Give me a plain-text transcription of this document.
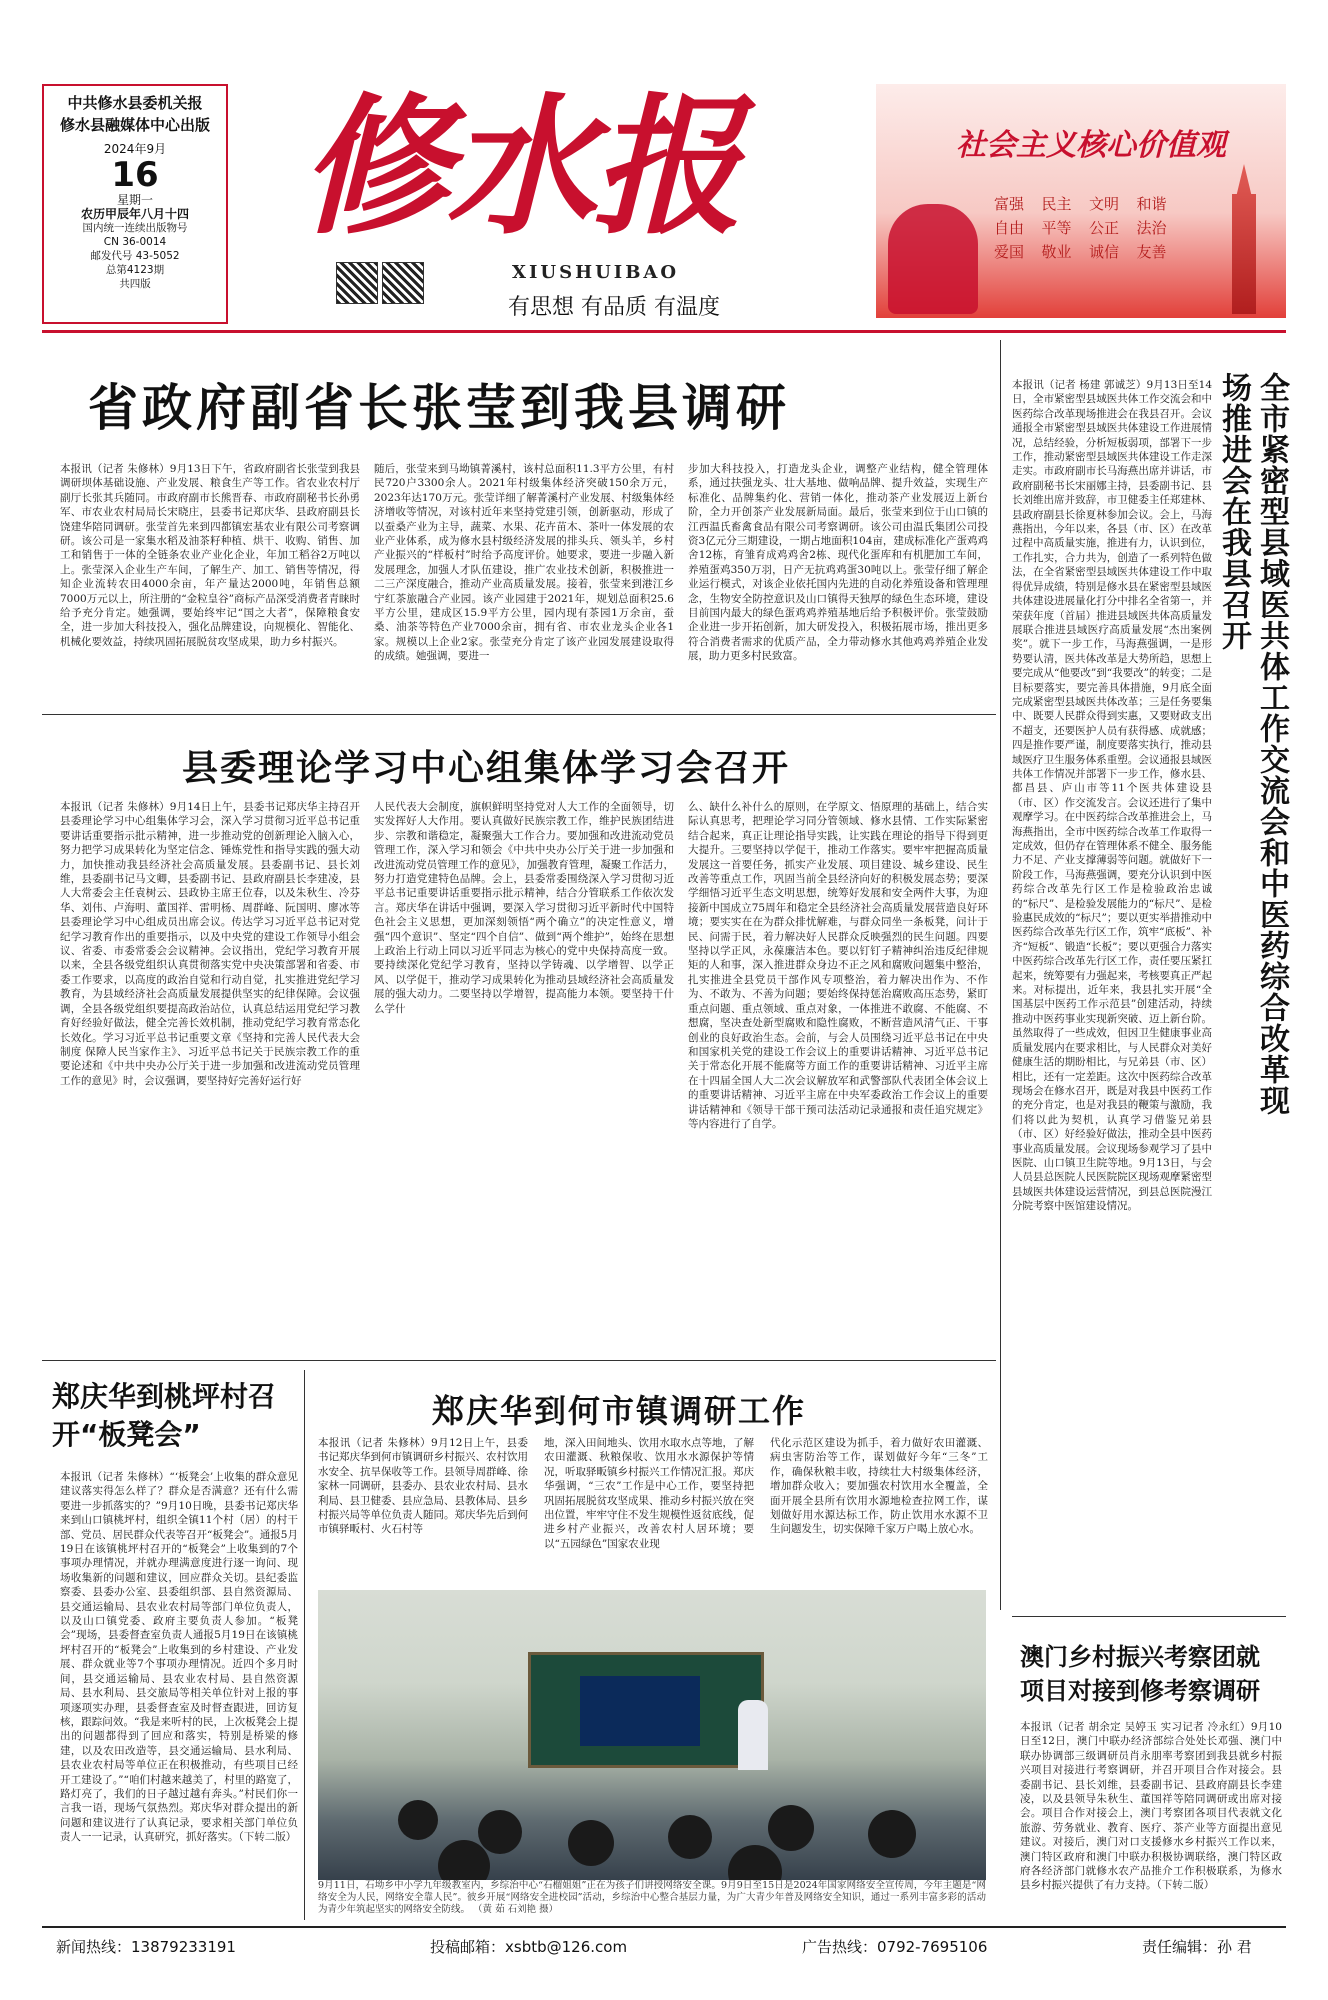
中共修水县委机关报
修水县融媒体中心出版
2024年9月
16
星期一
农历甲辰年八月十四
国内统一连续出版物号
CN 36-0014
邮发代号 43-5052
总第4123期
共四版
修水报
XIUSHUIBAO
有思想 有品质 有温度
社会主义核心价值观
富强	民主	文明	和谐
自由	平等	公正	法治
爱国	敬业	诚信	友善
省政府副省长张莹到我县调研
本报讯（记者 朱修林）9月13日下午，省政府副省长张莹到我县调研坝体基础设施、产业发展、粮食生产等工作。省农业农村厅副厅长张其兵随同。市政府副市长熊晋春、市政府副秘书长孙勇军、市农业农村局局长宋晓庄，县委书记郑庆华、县政府副县长饶建华陪同调研。张莹首先来到四都镇宏基农业有限公司考察调研。该公司是一家集水稻及油茶籽种植、烘干、收购、销售、加工和销售于一体的全链条农业产业化企业，年加工稻谷2万吨以上。张莹深入企业生产车间，了解生产、加工、销售等情况，得知企业流转农田4000余亩，年产量达2000吨，年销售总额7000万元以上，所注册的“金粒皇谷”商标产品深受消费者青睐时给予充分肯定。她强调，要始终牢记“国之大者”，保障粮食安全，进一步加大科技投入，强化品牌建设，向规模化、智能化、机械化要效益，持续巩固拓展脱贫攻坚成果，助力乡村振兴。
随后，张莹来到马坳镇菁溪村，该村总面积11.3平方公里，有村民720户3300余人。2021年村级集体经济突破150余万元，2023年达170万元。张莹详细了解菁溪村产业发展、村级集体经济增收等情况，对该村近年来坚持党建引领，创新驱动，形成了以蚕桑产业为主导，蔬菜、水果、花卉苗木、茶叶一体发展的农业产业体系，成为修水县村级经济发展的排头兵、领头羊，乡村产业振兴的“样板村”时给予高度评价。她要求，要进一步融入新发展理念，加强人才队伍建设，推广农业技术创新，积极推进一二三产深度融合，推动产业高质量发展。接着，张莹来到港江乡宁红茶旅融合产业园。该产业园建于2021年，规划总面积25.6平方公里，建成区15.9平方公里，园内现有茶园1万余亩，蚕桑、油茶等特色产业7000余亩，拥有省、市农业龙头企业各1家。规模以上企业2家。张莹充分肯定了该产业园发展建设取得的成绩。她强调，要进一
步加大科技投入，打造龙头企业，调整产业结构，健全管理体系，通过扶强龙头、壮大基地、做响品牌、提升效益，实现生产标准化、品牌集约化、营销一体化，推动茶产业发展迈上新台阶，全力开创茶产业发展新局面。最后，张莹来到位于山口镇的江西温氏畜禽食品有限公司考察调研。该公司由温氏集团公司投资3亿元分三期建设，一期占地面积104亩，建成标准化产蛋鸡鸡舍12栋，育雏育成鸡鸡舍2栋、现代化蛋库和有机肥加工车间，养殖蛋鸡350万羽，日产无抗鸡鸡蛋30吨以上。张莹仔细了解企业运行模式，对该企业依托国内先进的自动化养殖设备和管理理念，生物安全防控意识及山口镇得天独厚的绿色生态环境，建设目前国内最大的绿色蛋鸡鸡养殖基地后给予积极评价。张莹鼓励企业进一步开拓创新，加大研发投入，积极拓展市场，推出更多符合消费者需求的优质产品，全力带动修水其他鸡鸡养殖企业发展，助力更多村民致富。
县委理论学习中心组集体学习会召开
本报讯（记者 朱修林）9月14日上午，县委书记郑庆华主持召开县委理论学习中心组集体学习会，深入学习贯彻习近平总书记重要讲话重要指示批示精神，进一步推动党的创新理论入脑入心，努力把学习成果转化为坚定信念、锤炼党性和指导实践的强大动力，加快推动我县经济社会高质量发展。县委副书记、县长刘维，县委副书记马文卿，县委副书记、县政府副县长李建凌，县人大常委会主任袁树云、县政协主席王位春，以及朱秋生、冷芬华、刘伟、卢海明、董国祥、雷明杨、周群峰、阮国明、廖冰等县委理论学习中心组成员出席会议。传达学习习近平总书记对党纪学习教育作出的重要指示，以及中央党的建设工作领导小组会议、省委、市委常委会会议精神。会议指出，党纪学习教育开展以来，全县各级党组织认真贯彻落实党中央决策部署和省委、市委工作要求，以高度的政治自觉和行动自觉，扎实推进党纪学习教育，为县域经济社会高质量发展提供坚实的纪律保障。会议强调，全县各级党组织要提高政治站位，认真总结运用党纪学习教育好经验好做法，健全完善长效机制，推动党纪学习教育常态化长效化。学习习近平总书记重要文章《坚持和完善人民代表大会制度 保障人民当家作主》、习近平总书记关于民族宗教工作的重要论述和《中共中央办公厅关于进一步加强和改进流动党员管理工作的意见》时，会议强调，要坚持好完善好运行好
人民代表大会制度，旗帜鲜明坚持党对人大工作的全面领导，切实发挥好人大作用。要认真做好民族宗教工作，维护民族团结进步、宗教和谐稳定，凝聚强大工作合力。要加强和改进流动党员管理工作，深入学习和领会《中共中央办公厅关于进一步加强和改进流动党员管理工作的意见》，加强教育管理，凝聚工作活力，努力打造党建特色品牌。会上，县委常委围绕深入学习贯彻习近平总书记重要讲话重要指示批示精神，结合分管联系工作依次发言。郑庆华在讲话中强调，要深入学习贯彻习近平新时代中国特色社会主义思想，更加深刻领悟“两个确立”的决定性意义，增强“四个意识”、坚定“四个自信”、做到“两个维护”，始终在思想上政治上行动上同以习近平同志为核心的党中央保持高度一致。要持续深化党纪学习教育，坚持以学铸魂、以学增智、以学正风、以学促干，推动学习成果转化为推动县域经济社会高质量发展的强大动力。二要坚持以学增智，提高能力本领。要坚持干什么学什
么、缺什么补什么的原则，在学原文、悟原理的基础上，结合实际认真思考，把理论学习同分管领域、修水县情、工作实际紧密结合起来，真正让理论指导实践，让实践在理论的指导下得到更大提升。三要坚持以学促干，推动工作落实。要牢牢把握高质量发展这一首要任务，抓实产业发展、项目建设、城乡建设、民生改善等重点工作，巩固当前全县经济向好的积极发展态势；要深学细悟习近平生态文明思想，统筹好发展和安全两件大事，为迎接新中国成立75周年和稳定全县经济社会高质量发展营造良好环境；要实实在在为群众排忧解难，与群众同坐一条板凳，问计于民、问需于民，着力解决好人民群众反映强烈的民生问题。四要坚持以学正风，永葆廉洁本色。要以钉钉子精神纠治违反纪律规矩的人和事，深入推进群众身边不正之风和腐败问题集中整治，扎实推进全县党员干部作风专项整治，着力解决出作为、不作为、不敢为、不善为问题；要始终保持惩治腐败高压态势，紧盯重点问题、重点领域、重点对象，一体推进不敢腐、不能腐、不想腐，坚决查处新型腐败和隐性腐败，不断营造风清气正、干事创业的良好政治生态。会前，与会人员围绕习近平总书记在中央和国家机关党的建设工作会议上的重要讲话精神、习近平总书记关于常态化开展不能腐等方面工作的重要讲话精神、习近平主席在十四届全国人大二次会议解放军和武警部队代表团全体会议上的重要讲话精神、习近平主席在中央军委政治工作会议上的重要讲话精神和《领导干部干预司法活动记录通报和责任追究规定》等内容进行了自学。
本报讯（记者 杨建 郭诚芝）9月13日至14日，全市紧密型县域医共体工作交流会和中医药综合改革现场推进会在我县召开。会议通报全市紧密型县域医共体建设工作进展情况，总结经验，分析短板弱项，部署下一步工作，推动紧密型县域医共体建设工作走深走实。市政府副市长马海燕出席并讲话，市政府副秘书长宋丽娜主持，县委副书记、县长刘维出席并致辞，市卫健委主任郑建林、县政府副县长徐夏林参加会议。会上，马海燕指出，今年以来，各县（市、区）在改革过程中高质量实施，推进有力，认识到位，工作扎实，合力共为，创造了一系列特色做法，在全省紧密型县域医共体建设工作中取得优异成绩，特别是修水县在紧密型县域医共体建设进展量化打分中排名全省第一，并荣获年度（首届）推进县域医共体高质量发展联合推进县域医疗高质量发展“杰出案例奖”。就下一步工作，马海燕强调，一是形势要认清，医共体改革是大势所趋，思想上要完成从“他要改”到“我要改”的转变；二是目标要落实，要完善具体措施，9月底全面完成紧密型县域医共体改革；三是任务要集中、既要人民群众得到实惠，又要财政支出不超支，还要医护人员有获得感、成就感；四是推作要严谨，制度要落实执行，推动县域医疗卫生服务体系重塑。会议通报县域医共体工作情况并部署下一步工作，修水县、都昌县、庐山市等11个医共体建设县（市、区）作交流发言。会议还进行了集中观摩学习。在中医药综合改革推进会上，马海燕指出，全市中医药综合改革工作取得一定成效，但仍存在管理体系不健全、服务能力不足、产业支撑薄弱等问题。就做好下一阶段工作，马海燕强调，要充分认识到中医药综合改革先行区工作是检验政治忠诚的“标尺”、是检验发展能力的“标尺”、是检验惠民成效的“标尺”；要以更实举措推动中医药综合改革先行区工作，筑牢“底板”、补齐“短板”、锻造“长板”；要以更强合力落实中医药综合改革先行区工作，责任要压紧扛起来，统筹要有力强起来，考核要真正严起来。对标提出，近年来，我县扎实开展“全国基层中医药工作示范县”创建活动，持续推动中医药事业实现新突破、迈上新台阶。虽然取得了一些成效，但因卫生健康事业高质量发展内在要求相比，与人民群众对美好健康生活的期盼相比，与兄弟县（市、区）相比，还有一定差距。这次中医药综合改革现场会在修水召开，既是对我县中医药工作的充分肯定，也是对我县的鞭策与激励，我们将以此为契机，认真学习借鉴兄弟县（市、区）好经验好做法，推动全县中医药事业高质量发展。会议现场参观学习了县中医院、山口镇卫生院等地。9月13日，与会人员县总医院人民医院院区现场观摩紧密型县域医共体建设运营情况，到县总医院漫江分院考察中医馆建设情况。
全市紧密型县域医共体工作交流会和中医药综合改革现场推进会在我县召开
郑庆华到桃坪村召开“板凳会”
本报讯（记者 朱修林）“‘板凳会’上收集的群众意见建议落实得怎么样了？群众是否满意？还有什么需要进一步抓落实的？”9月10日晚，县委书记郑庆华来到山口镇桃坪村，组织全镇11个村（居）的村干部、党员、居民群众代表等召开“板凳会”。通报5月19日在该镇桃坪村召开的“板凳会”上收集到的7个事项办理情况，并就办理满意度进行逐一询问、现场收集新的问题和建议，回应群众关切。县纪委监察委、县委办公室、县委组织部、县自然资源局、县交通运输局、县农业农村局等部门单位负责人，以及山口镇党委、政府主要负责人参加。“板凳会”现场，县委督查室负责人通报5月19日在该镇桃坪村召开的“板凳会”上收集到的乡村建设、产业发展、群众就业等7个事项办理情况。近四个多月时间，县交通运输局、县农业农村局、县自然资源局、县水利局、县交旅局等相关单位针对上报的事项逐项实办理，县委督查室及时督查跟进，回访复核，跟踪问效。“我是来听村的民，上次板凳会上提出的问题都得到了回应和落实，特别是桥梁的修建，以及农田改造等，县交通运输局、县水利局、县农业农村局等单位正在积极推动，有些项目已经开工建设了。”“咱们村越来越美了，村里的路宽了，路灯亮了，我们的日子越过越有奔头。”村民们你一言我一语，现场气氛热烈。郑庆华对群众提出的新问题和建议进行了认真记录，要求相关部门单位负责人一一记录，认真研究，抓好落实。（下转二版）
郑庆华到何市镇调研工作
本报讯（记者 朱修林）9月12日上午，县委书记郑庆华到何市镇调研乡村振兴、农村饮用水安全、抗旱保收等工作。县领导周群峰、徐家林一同调研，县委办、县农业农村局、县水利局、县卫健委、县应急局、县教体局、县乡村振兴局等单位负责人随同。郑庆华先后到何市镇驿畈村、火石村等
地，深入田间地头、饮用水取水点等地，了解农田灌溉、秋粮保收、饮用水水源保护等情况，听取驿畈镇乡村振兴工作情况汇报。郑庆华强调，“三农”工作是中心工作，要坚持把巩固拓展脱贫攻坚成果、推动乡村振兴放在突出位置，牢牢守住不发生规模性返贫底线，促进乡村产业振兴，改善农村人居环境；要以“五园绿色”国家农业现
代化示范区建设为抓手，着力做好农田灌溉、病虫害防治等工作，谋划做好今年“三冬”工作，确保秋粮丰收，持续壮大村级集体经济，增加群众收入；要加强农村饮用水全覆盖，全面开展全县所有饮用水源地检查拉网工作，谋划做好用水源达标工作，防止饮用水水源不卫生问题发生，切实保障千家万户喝上放心水。
9月11日，石坳乡中小学九年级教室内，乡综治中心“石榴姐姐”正在为孩子们讲授网络安全课。9月9日至15日是2024年国家网络安全宣传周，今年主题是“网络安全为人民，网络安全靠人民”。彼乡开展“网络安全进校园”活动，乡综治中心整合基层力量，为广大青少年普及网络安全知识，通过一系列丰富多彩的活动为青少年筑起坚实的网络安全防线。 （黄 茹 石刘艳 摄）
澳门乡村振兴考察团就项目对接到修考察调研
本报讯（记者 胡余定 吴婷玉 实习记者 冷永红）9月10日至12日，澳门中联办经济部综合处处长邓强、澳门中联办协调部三级调研员肖永朋率考察团到我县就乡村振兴项目对接进行考察调研，并召开项目合作对接会。县委副书记、县长刘维，县委副书记、县政府副县长李建凌，以及县领导朱秋生、董国祥等陪同调研或出席对接会。项目合作对接会上，澳门考察团各项目代表就文化旅游、劳务就业、教育、医疗、茶产业等方面提出意见建议。对接后，澳门对口支援修水乡村振兴工作以来，澳门特区政府和澳门中联办积极协调联络，澳门特区政府各经济部门就修水农产品推介工作积极联系，为修水县乡村振兴提供了有力支持。（下转二版）
新闻热线：13879233191	投稿邮箱：xsbtb@126.com	广告热线：0792-7695106	责任编辑：孙 君
